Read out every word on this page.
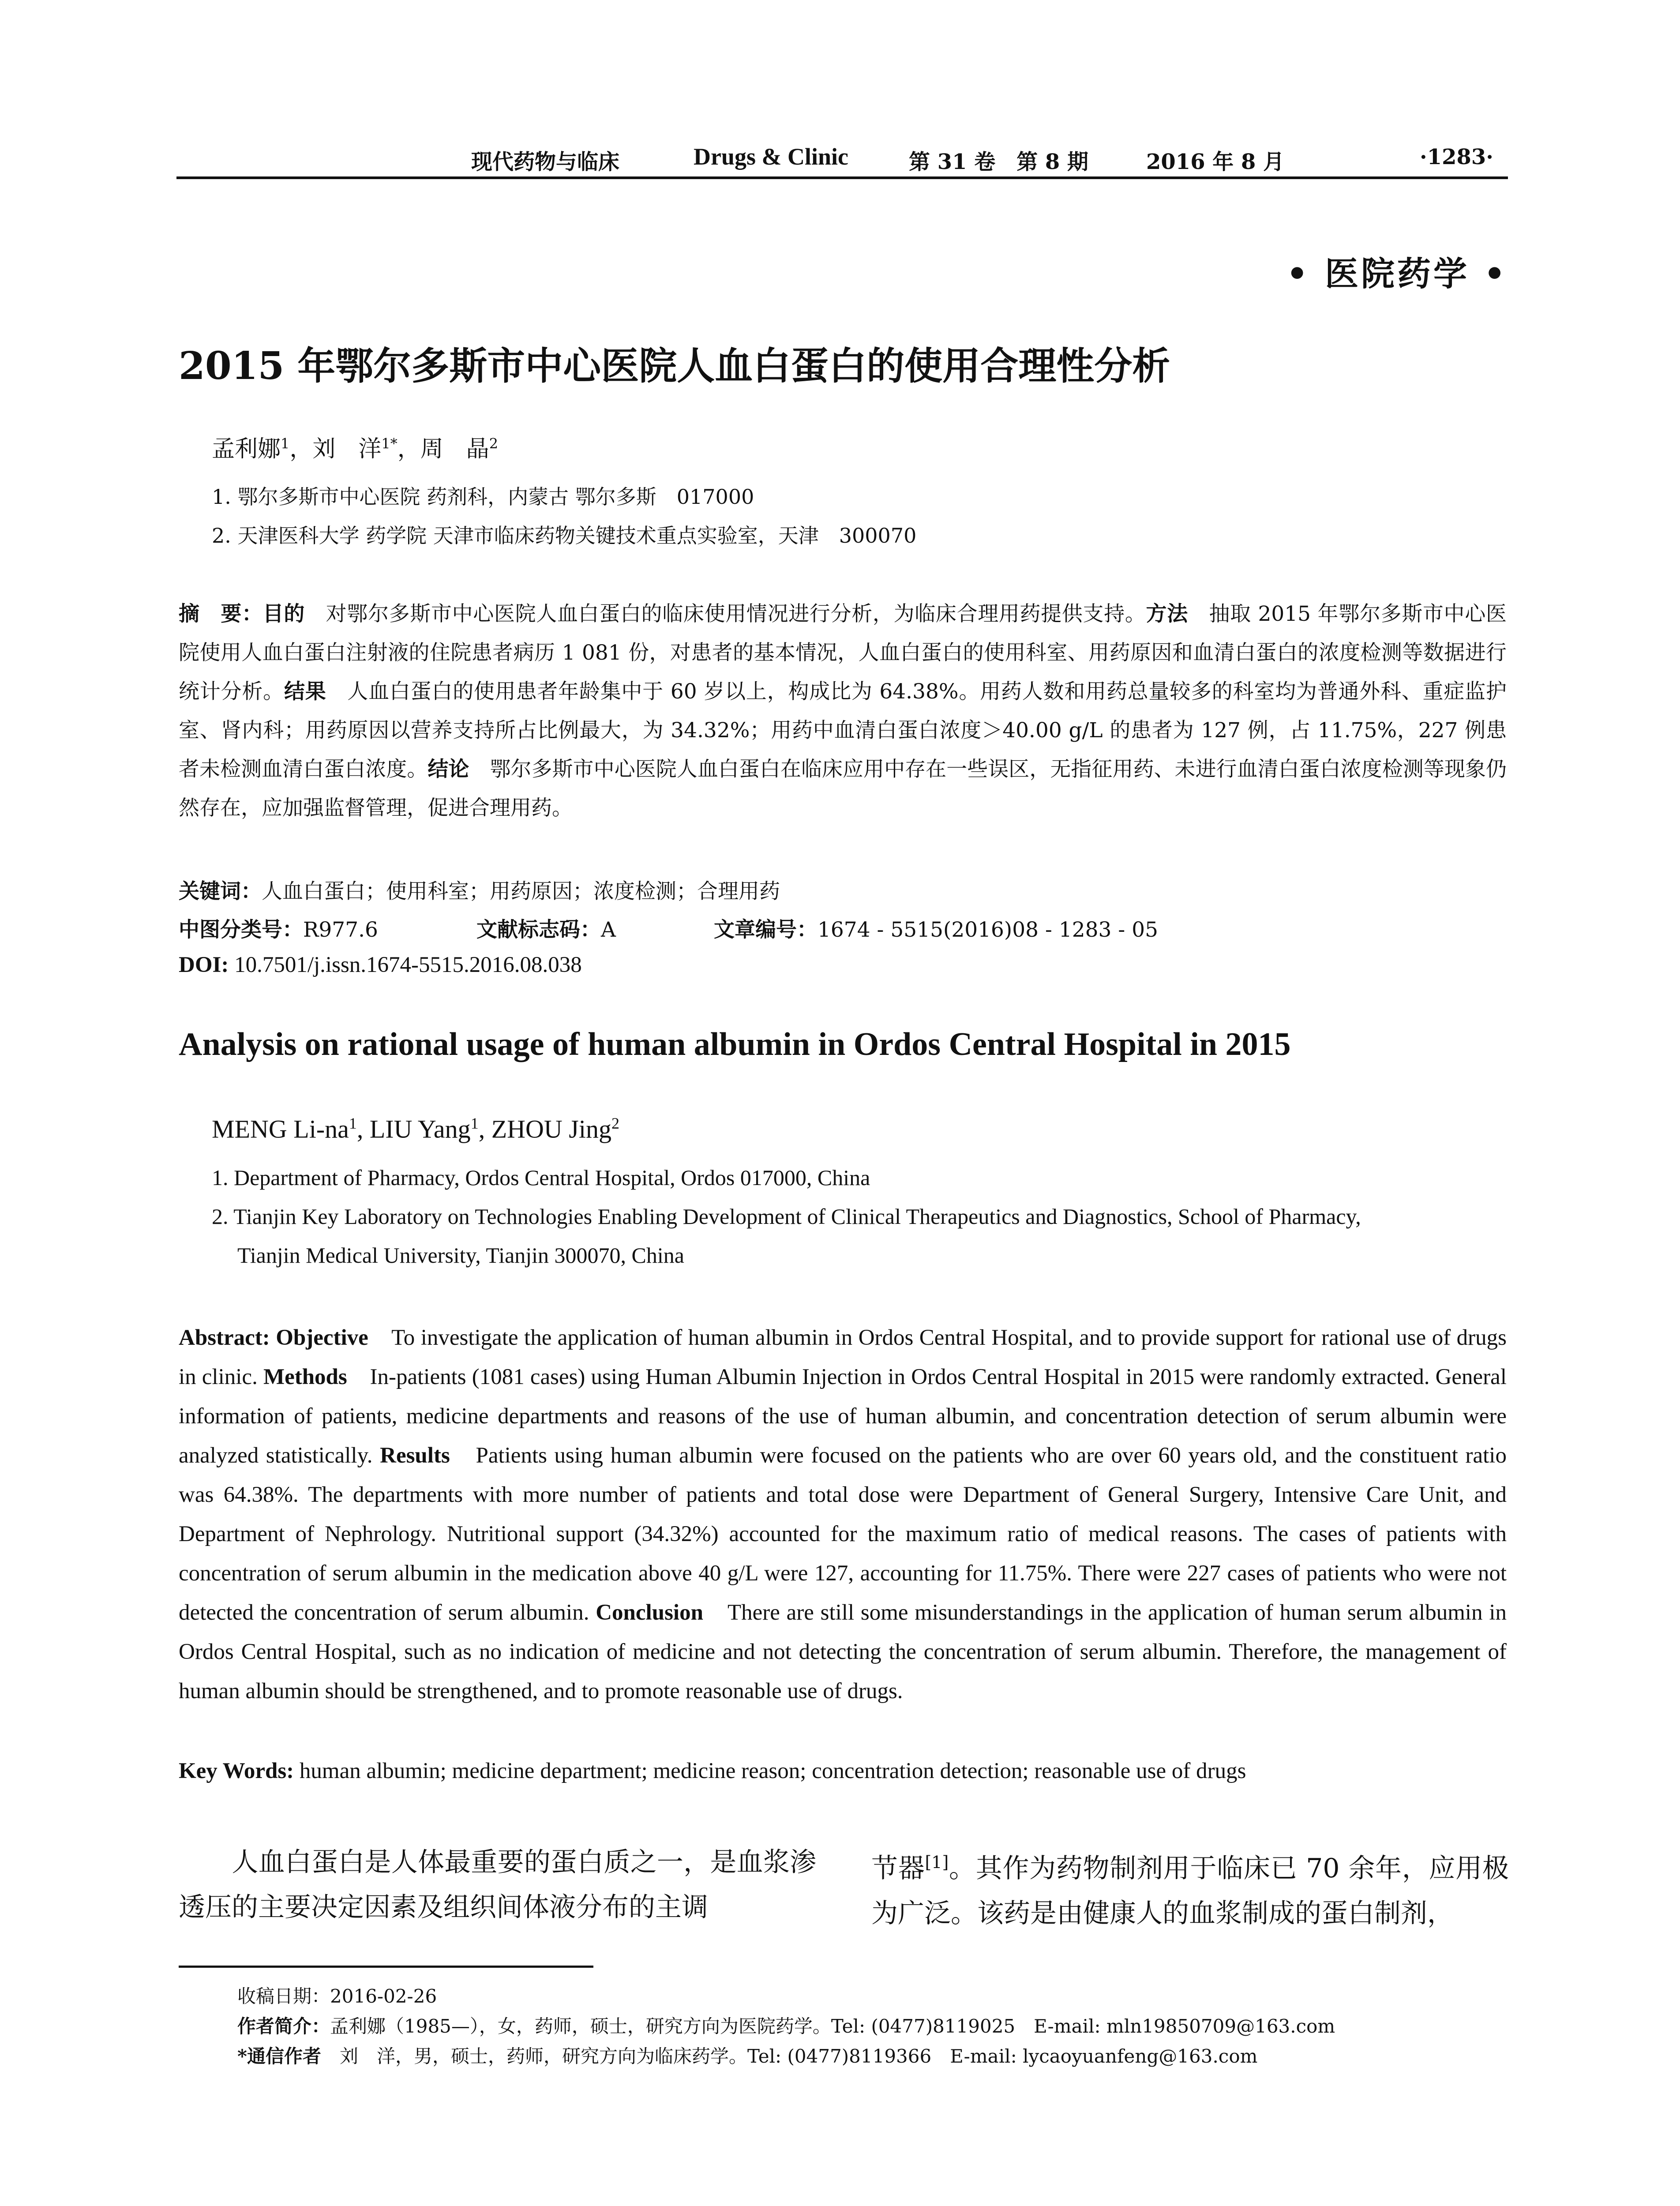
现代药物与临床	Drugs & Clinic	第 31 卷　第 8 期	2016 年 8 月	·1283·
• 医院药学 •
2015 年鄂尔多斯市中心医院人血白蛋白的使用合理性分析
孟利娜$^1$，刘　洋$^{1*}$，周　晶$^2$
1. 鄂尔多斯市中心医院 药剂科，内蒙古 鄂尔多斯　017000
2. 天津医科大学 药学院 天津市临床药物关键技术重点实验室，天津　300070
摘　要：目的　对鄂尔多斯市中心医院人血白蛋白的临床使用情况进行分析，为临床合理用药提供支持。方法　抽取 2015 年鄂尔多斯市中心医院使用人血白蛋白注射液的住院患者病历 1 081 份，对患者的基本情况，人血白蛋白的使用科室、用药原因和血清白蛋白的浓度检测等数据进行统计分析。结果　人血白蛋白的使用患者年龄集中于 60 岁以上，构成比为 64.38%。用药人数和用药总量较多的科室均为普通外科、重症监护室、肾内科；用药原因以营养支持所占比例最大，为 34.32%；用药中血清白蛋白浓度＞40.00 g/L 的患者为 127 例，占 11.75%，227 例患者未检测血清白蛋白浓度。结论　鄂尔多斯市中心医院人血白蛋白在临床应用中存在一些误区，无指征用药、未进行血清白蛋白浓度检测等现象仍然存在，应加强监督管理，促进合理用药。
关键词：人血白蛋白；使用科室；用药原因；浓度检测；合理用药
中图分类号：R977.6	文献标志码：A	文章编号：1674 - 5515(2016)08 - 1283 - 05
DOI: 10.7501/j.issn.1674-5515.2016.08.038
Analysis on rational usage of human albumin in Ordos Central Hospital in 2015
MENG $Li-na^1$, LIU Yang$^1$, ZHOU Jing$^2$
1. Department of Pharmacy, Ordos Central Hospital, Ordos 017000, China
2. Tianjin Key Laboratory on Technologies Enabling Development of Clinical Therapeutics and Diagnostics, School of Pharmacy,
Tianjin Medical University, Tianjin 300070, China
Abstract: Objective　To investigate the application of human albumin in Ordos Central Hospital, and to provide support for rational use of drugs in clinic. Methods　In-patients (1081 cases) using Human Albumin Injection in Ordos Central Hospital in 2015 were randomly extracted. General information of patients, medicine departments and reasons of the use of human albumin, and concentration detection of serum albumin were analyzed statistically. Results　Patients using human albumin were focused on the patients who are over 60 years old, and the constituent ratio was 64.38%. The departments with more number of patients and total dose were Department of General Surgery, Intensive Care Unit, and Department of Nephrology. Nutritional support (34.32%) accounted for the maximum ratio of medical reasons. The cases of patients with concentration of serum albumin in the medication above 40 g/L were 127, accounting for 11.75%. There were 227 cases of patients who were not detected the concentration of serum albumin. Conclusion　There are still some misunderstandings in the application of human serum albumin in Ordos Central Hospital, such as no indication of medicine and not detecting the concentration of serum albumin. Therefore, the management of human albumin should be strengthened, and to promote reasonable use of drugs.
Key Words: human albumin; medicine department; medicine reason; concentration detection; reasonable use of drugs
　　人血白蛋白是人体最重要的蛋白质之一，是血浆渗透压的主要决定因素及组织间体液分布的主调
节器[1]。其作为药物制剂用于临床已 70 余年，应用极为广泛。该药是由健康人的血浆制成的蛋白制剂，
收稿日期：2016-02-26
作者简介：孟利娜（1985—），女，药师，硕士，研究方向为医院药学。Tel: (0477)8119025　E-mail: mln19850709@163.com
*通信作者　刘　洋，男，硕士，药师，研究方向为临床药学。Tel: (0477)8119366　E-mail: lycaoyuanfeng@163.com
